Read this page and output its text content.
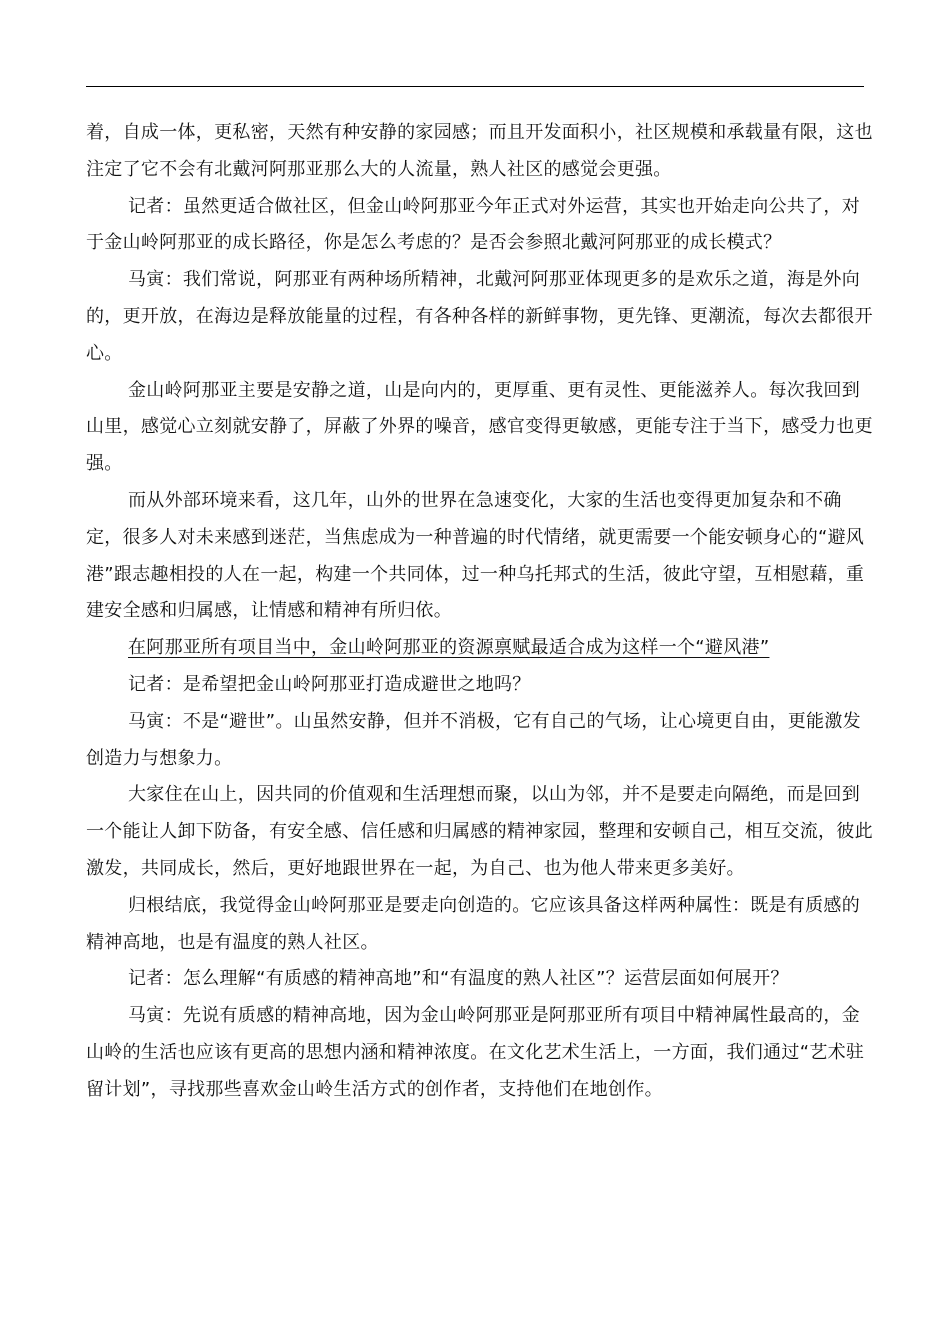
着，自成一体，更私密，天然有种安静的家园感；而且开发面积小，社区规模和承载量有限，这也注定了它不会有北戴河阿那亚那么大的人流量，熟人社区的感觉会更强。

记者：虽然更适合做社区，但金山岭阿那亚今年正式对外运营，其实也开始走向公共了，对于金山岭阿那亚的成长路径，你是怎么考虑的？是否会参照北戴河阿那亚的成长模式？

马寅：我们常说，阿那亚有两种场所精神，北戴河阿那亚体现更多的是欢乐之道，海是外向的，更开放，在海边是释放能量的过程，有各种各样的新鲜事物，更先锋、更潮流，每次去都很开心。

金山岭阿那亚主要是安静之道，山是向内的，更厚重、更有灵性、更能滋养人。每次我回到山里，感觉心立刻就安静了，屏蔽了外界的噪音，感官变得更敏感，更能专注于当下，感受力也更强。

而从外部环境来看，这几年，山外的世界在急速变化，大家的生活也变得更加复杂和不确定，很多人对未来感到迷茫，当焦虑成为一种普遍的时代情绪，就更需要一个能安顿身心的“避风港”跟志趣相投的人在一起，构建一个共同体，过一种乌托邦式的生活，彼此守望，互相慰藉，重建安全感和归属感，让情感和精神有所归依。

在阿那亚所有项目当中，金山岭阿那亚的资源禀赋最适合成为这样一个“避风港”

记者：是希望把金山岭阿那亚打造成避世之地吗？

马寅：不是“避世”。山虽然安静，但并不消极，它有自己的气场，让心境更自由，更能激发创造力与想象力。

大家住在山上，因共同的价值观和生活理想而聚，以山为邻，并不是要走向隔绝，而是回到一个能让人卸下防备，有安全感、信任感和归属感的精神家园，整理和安顿自己，相互交流，彼此激发，共同成长，然后，更好地跟世界在一起，为自己、也为他人带来更多美好。

归根结底，我觉得金山岭阿那亚是要走向创造的。它应该具备这样两种属性：既是有质感的精神高地，也是有温度的熟人社区。

记者：怎么理解“有质感的精神高地”和“有温度的熟人社区”？运营层面如何展开？

马寅：先说有质感的精神高地，因为金山岭阿那亚是阿那亚所有项目中精神属性最高的，金山岭的生活也应该有更高的思想内涵和精神浓度。在文化艺术生活上，一方面，我们通过“艺术驻留计划”，寻找那些喜欢金山岭生活方式的创作者，支持他们在地创作。
